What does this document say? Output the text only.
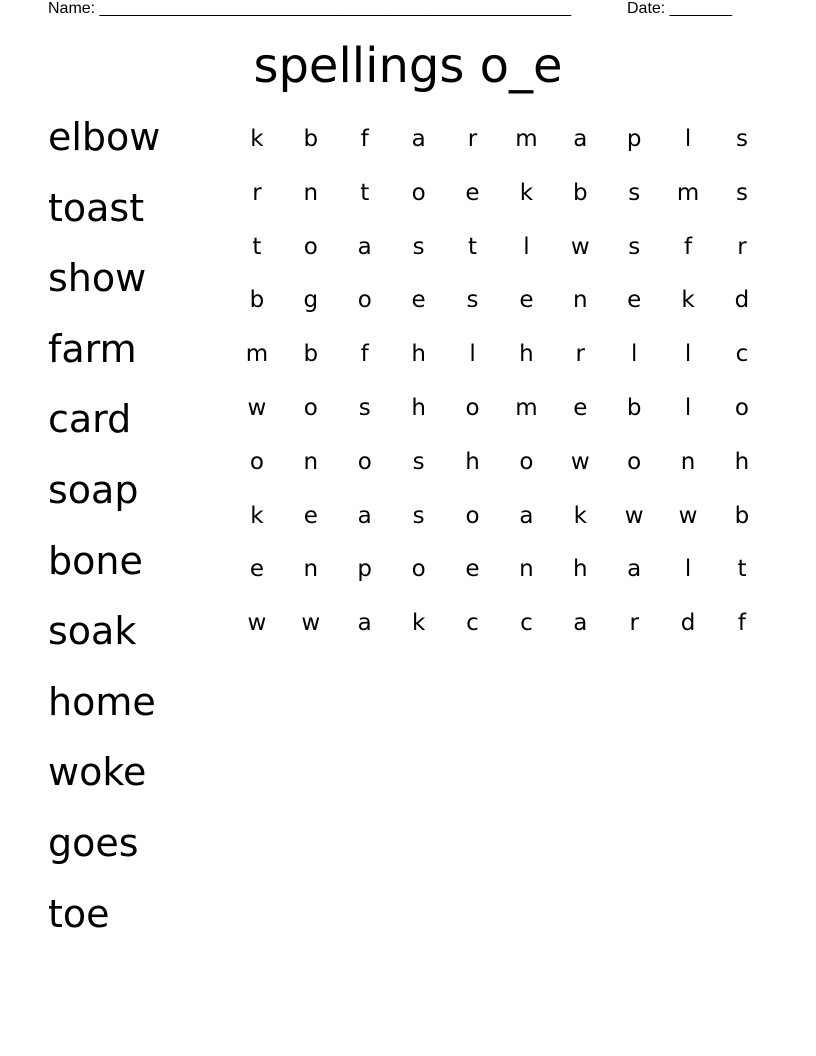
Name: _____________________________________________________	Date: _______
spellings o_e
elbow
toast
show
farm
card
soap
bone
soak
home
woke
goes
toe
k	b	f	a	r	m	a	p	l	s
r	n	t	o	e	k	b	s	m	s
t	o	a	s	t	l	w	s	f	r
b	g	o	e	s	e	n	e	k	d
m	b	f	h	l	h	r	l	l	c
w	o	s	h	o	m	e	b	l	o
o	n	o	s	h	o	w	o	n	h
k	e	a	s	o	a	k	w	w	b
e	n	p	o	e	n	h	a	l	t
w	w	a	k	c	c	a	r	d	f
